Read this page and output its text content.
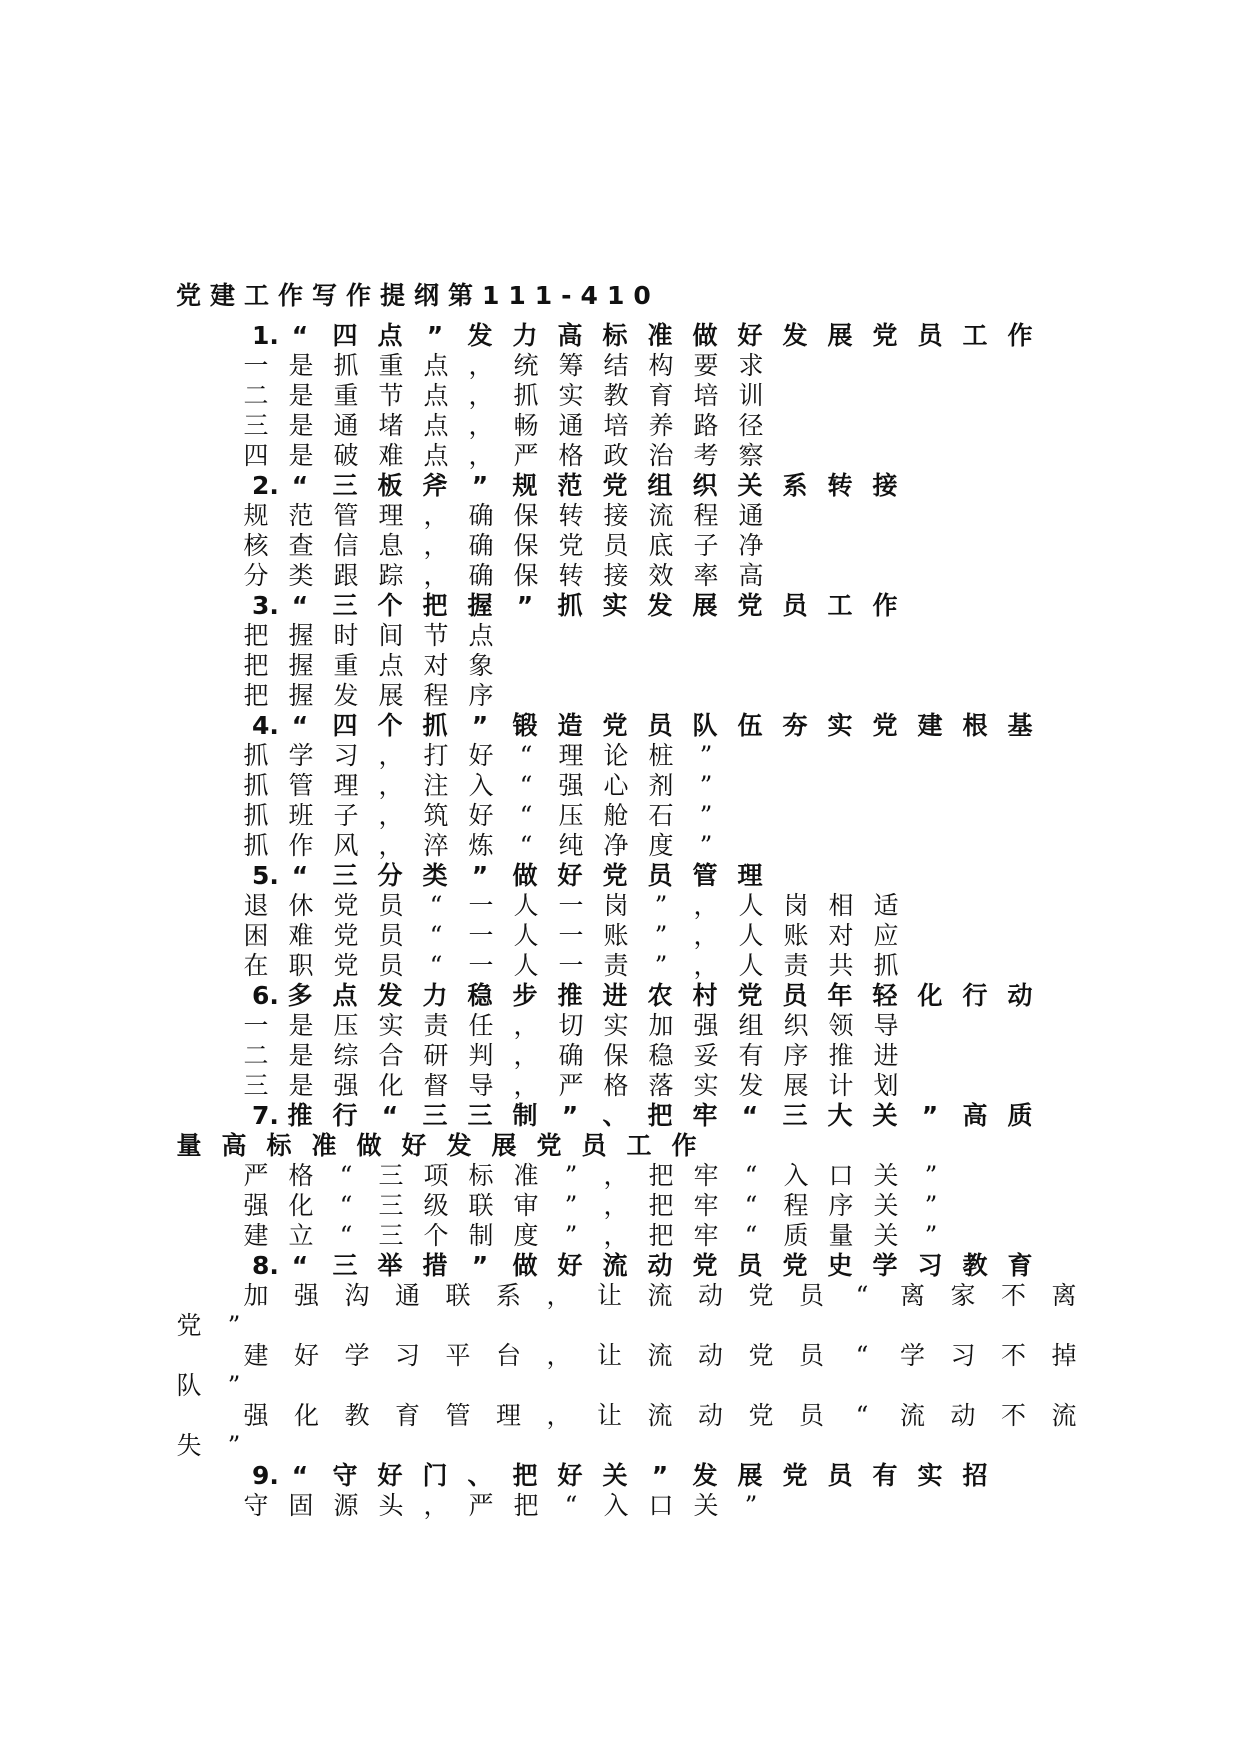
党建工作写作提纲第111-410
1. “ 四 点 ” 发 力 高 标 准 做 好 发 展 党 员 工 作
一 是 抓 重 点 ， 统 筹 结 构 要 求
二 是 重 节 点 ， 抓 实 教 育 培 训
三 是 通 堵 点 ， 畅 通 培 养 路 径
四 是 破 难 点 ， 严 格 政 治 考 察
2. “ 三 板 斧 ” 规 范 党 组 织 关 系 转 接
规 范 管 理 ， 确 保 转 接 流 程 通
核 查 信 息 ， 确 保 党 员 底 子 净
分 类 跟 踪 ， 确 保 转 接 效 率 高
3. “ 三 个 把 握 ” 抓 实 发 展 党 员 工 作
把 握 时 间 节 点
把 握 重 点 对 象
把 握 发 展 程 序
4. “ 四 个 抓 ” 锻 造 党 员 队 伍 夯 实 党 建 根 基
抓 学 习 ， 打 好 “ 理 论 桩 ”
抓 管 理 ， 注 入 “ 强 心 剂 ”
抓 班 子 ， 筑 好 “ 压 舱 石 ”
抓 作 风 ， 淬 炼 “ 纯 净 度 ”
5. “ 三 分 类 ” 做 好 党 员 管 理
退 休 党 员 “ 一 人 一 岗 ” ， 人 岗 相 适
困 难 党 员 “ 一 人 一 账 ” ， 人 账 对 应
在 职 党 员 “ 一 人 一 责 ” ， 人 责 共 抓
6. 多 点 发 力 稳 步 推 进 农 村 党 员 年 轻 化 行 动
一 是 压 实 责 任 ， 切 实 加 强 组 织 领 导
二 是 综 合 研 判 ， 确 保 稳 妥 有 序 推 进
三 是 强 化 督 导 ， 严 格 落 实 发 展 计 划
7. 推 行 “ 三 三 制 ” 、 把 牢 “ 三 大 关 ” 高 质
量 高 标 准 做 好 发 展 党 员 工 作
严 格 “ 三 项 标 准 ” ， 把 牢 “ 入 口 关 ”
强 化 “ 三 级 联 审 ” ， 把 牢 “ 程 序 关 ”
建 立 “ 三 个 制 度 ” ， 把 牢 “ 质 量 关 ”
8. “ 三 举 措 ” 做 好 流 动 党 员 党 史 学 习 教 育
加 强 沟 通 联 系 ， 让 流 动 党 员 “ 离 家 不 离
党 ”
建 好 学 习 平 台 ， 让 流 动 党 员 “ 学 习 不 掉
队 ”
强 化 教 育 管 理 ， 让 流 动 党 员 “ 流 动 不 流
失 ”
9. “ 守 好 门 、 把 好 关 ” 发 展 党 员 有 实 招
守 固 源 头 ， 严 把 “ 入 口 关 ”
